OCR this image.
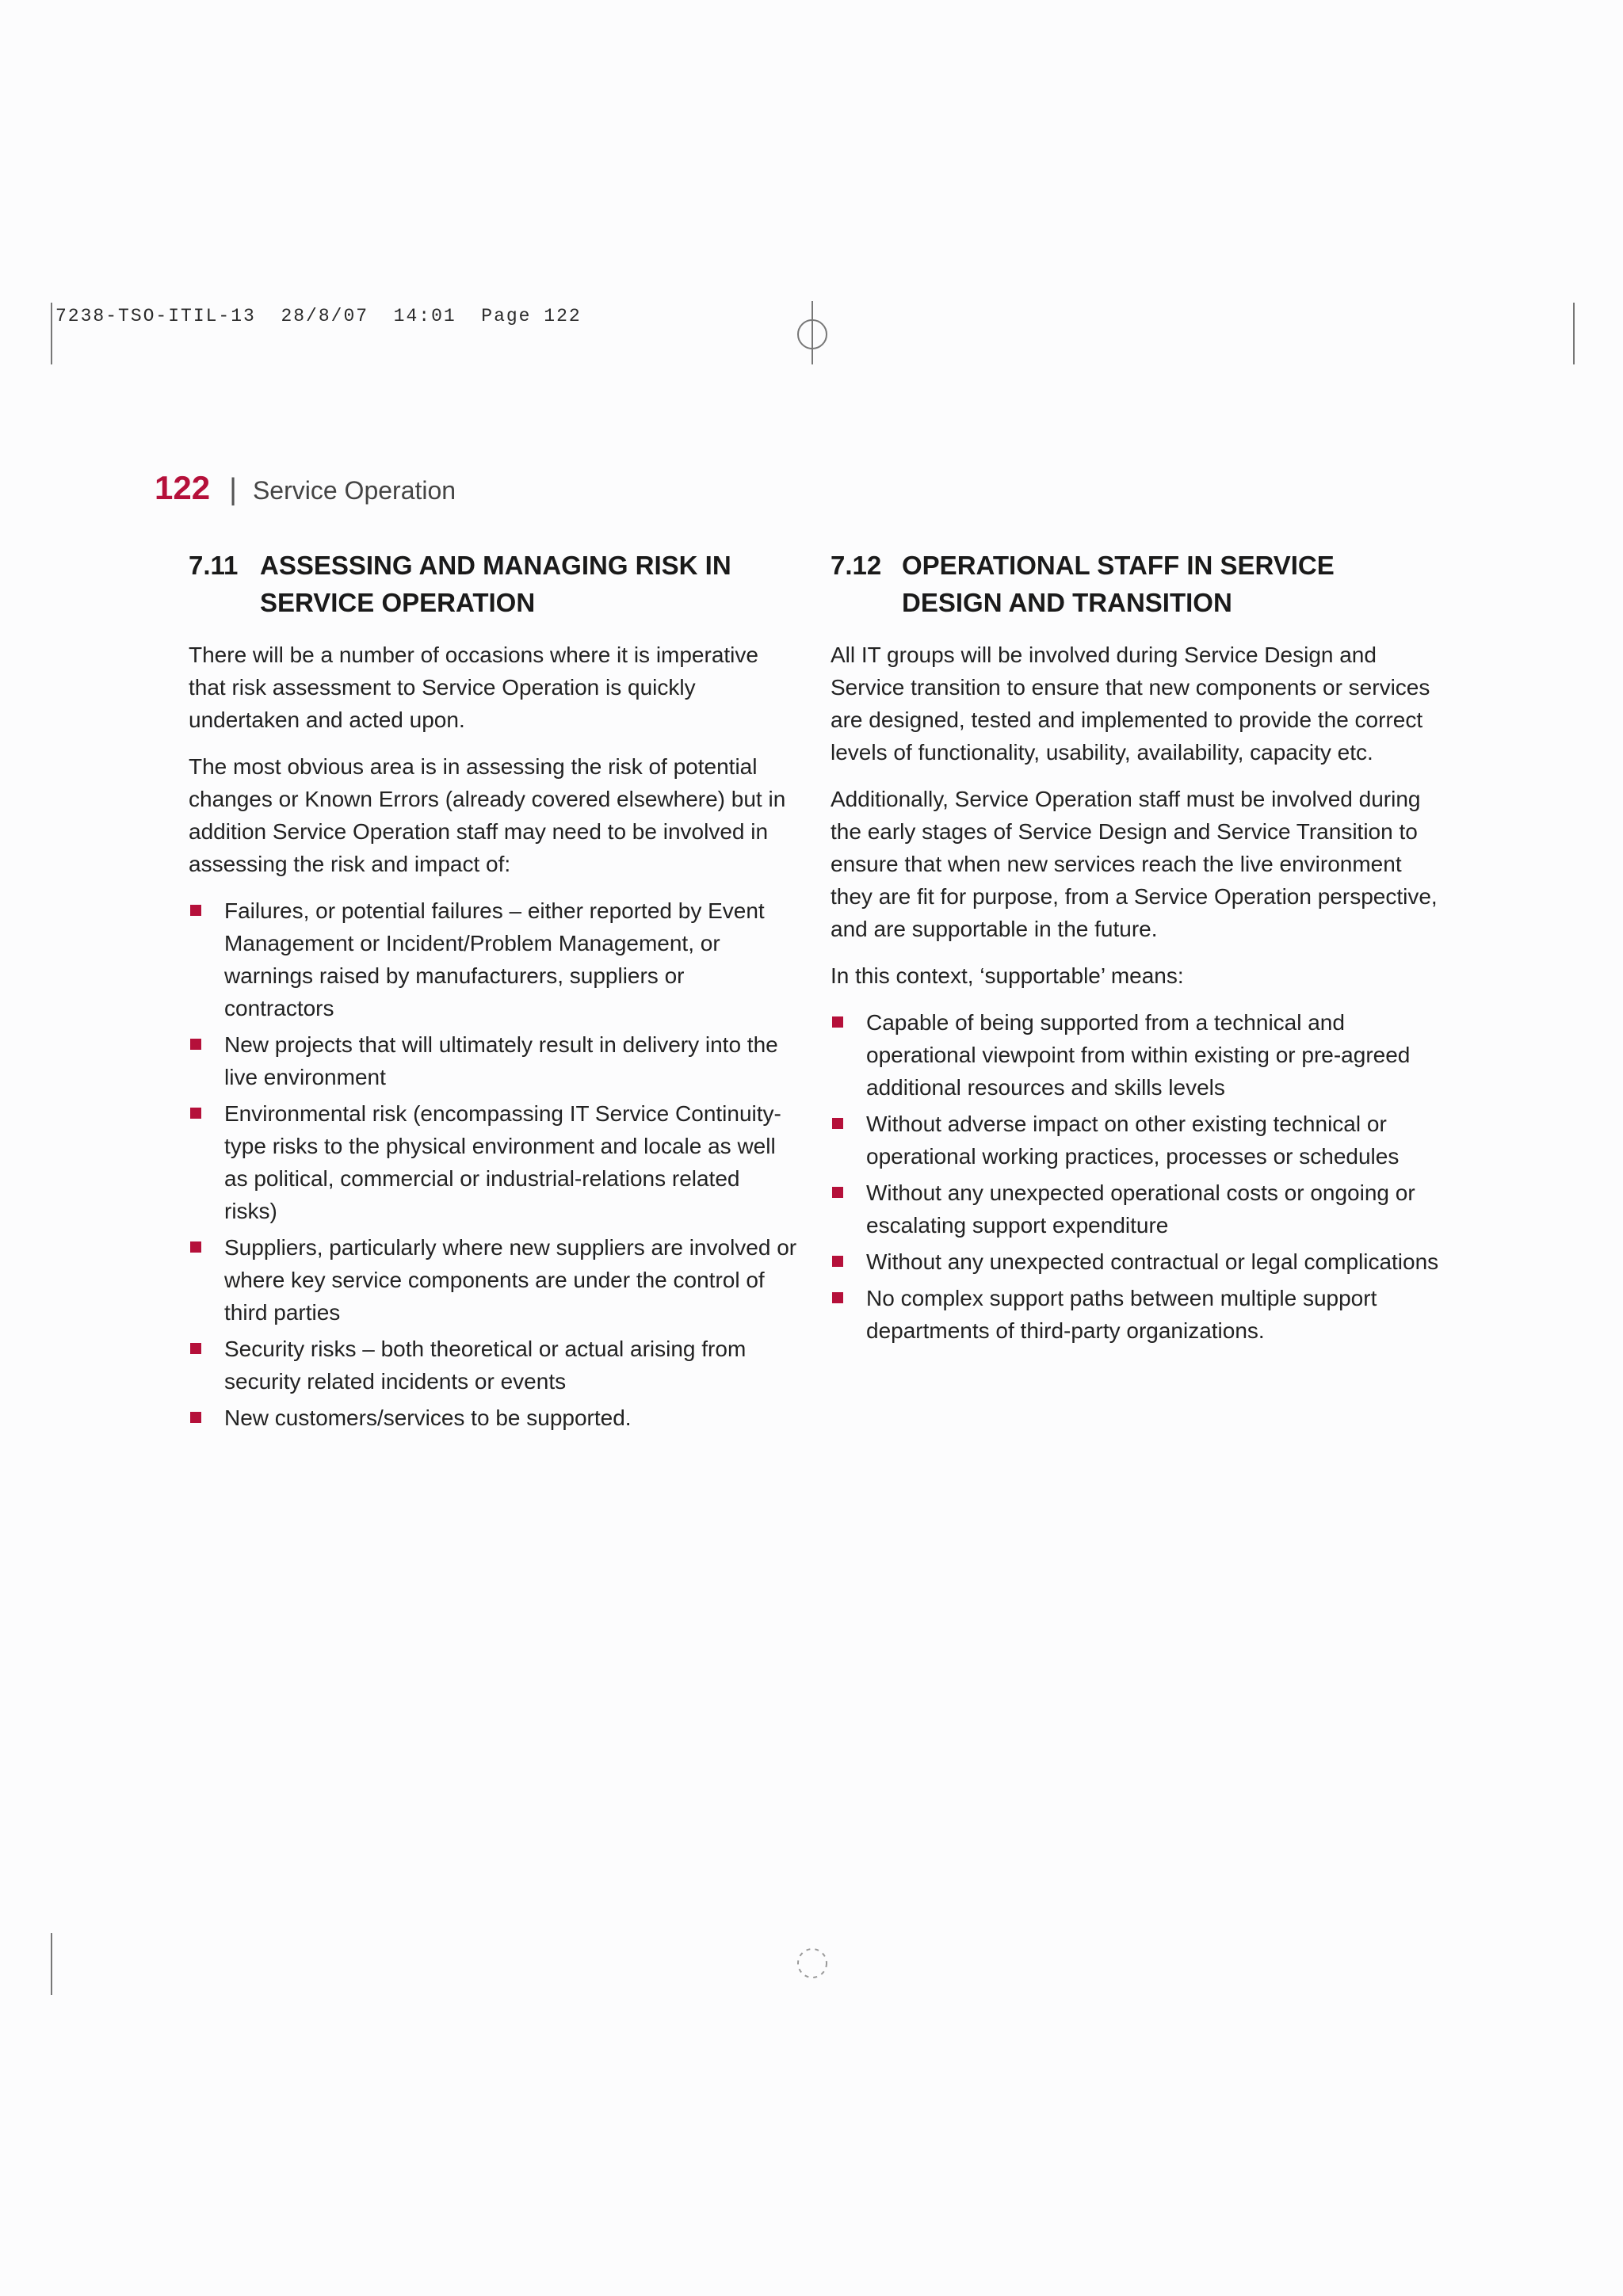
7238-TSO-ITIL-13  28/8/07  14:01  Page 122
122 | Service Operation
7.11 ASSESSING AND MANAGING RISK IN SERVICE OPERATION

There will be a number of occasions where it is imperative that risk assessment to Service Operation is quickly undertaken and acted upon.

The most obvious area is in assessing the risk of potential changes or Known Errors (already covered elsewhere) but in addition Service Operation staff may need to be involved in assessing the risk and impact of:

Failures, or potential failures – either reported by Event Management or Incident/Problem Management, or warnings raised by manufacturers, suppliers or contractors
New projects that will ultimately result in delivery into the live environment
Environmental risk (encompassing IT Service Continuity-type risks to the physical environment and locale as well as political, commercial or industrial-relations related risks)
Suppliers, particularly where new suppliers are involved or where key service components are under the control of third parties
Security risks – both theoretical or actual arising from security related incidents or events
New customers/services to be supported.
7.12 OPERATIONAL STAFF IN SERVICE DESIGN AND TRANSITION

All IT groups will be involved during Service Design and Service transition to ensure that new components or services are designed, tested and implemented to provide the correct levels of functionality, usability, availability, capacity etc.

Additionally, Service Operation staff must be involved during the early stages of Service Design and Service Transition to ensure that when new services reach the live environment they are fit for purpose, from a Service Operation perspective, and are supportable in the future.

In this context, ‘supportable’ means:

Capable of being supported from a technical and operational viewpoint from within existing or pre-agreed additional resources and skills levels
Without adverse impact on other existing technical or operational working practices, processes or schedules
Without any unexpected operational costs or ongoing or escalating support expenditure
Without any unexpected contractual or legal complications
No complex support paths between multiple support departments of third-party organizations.
